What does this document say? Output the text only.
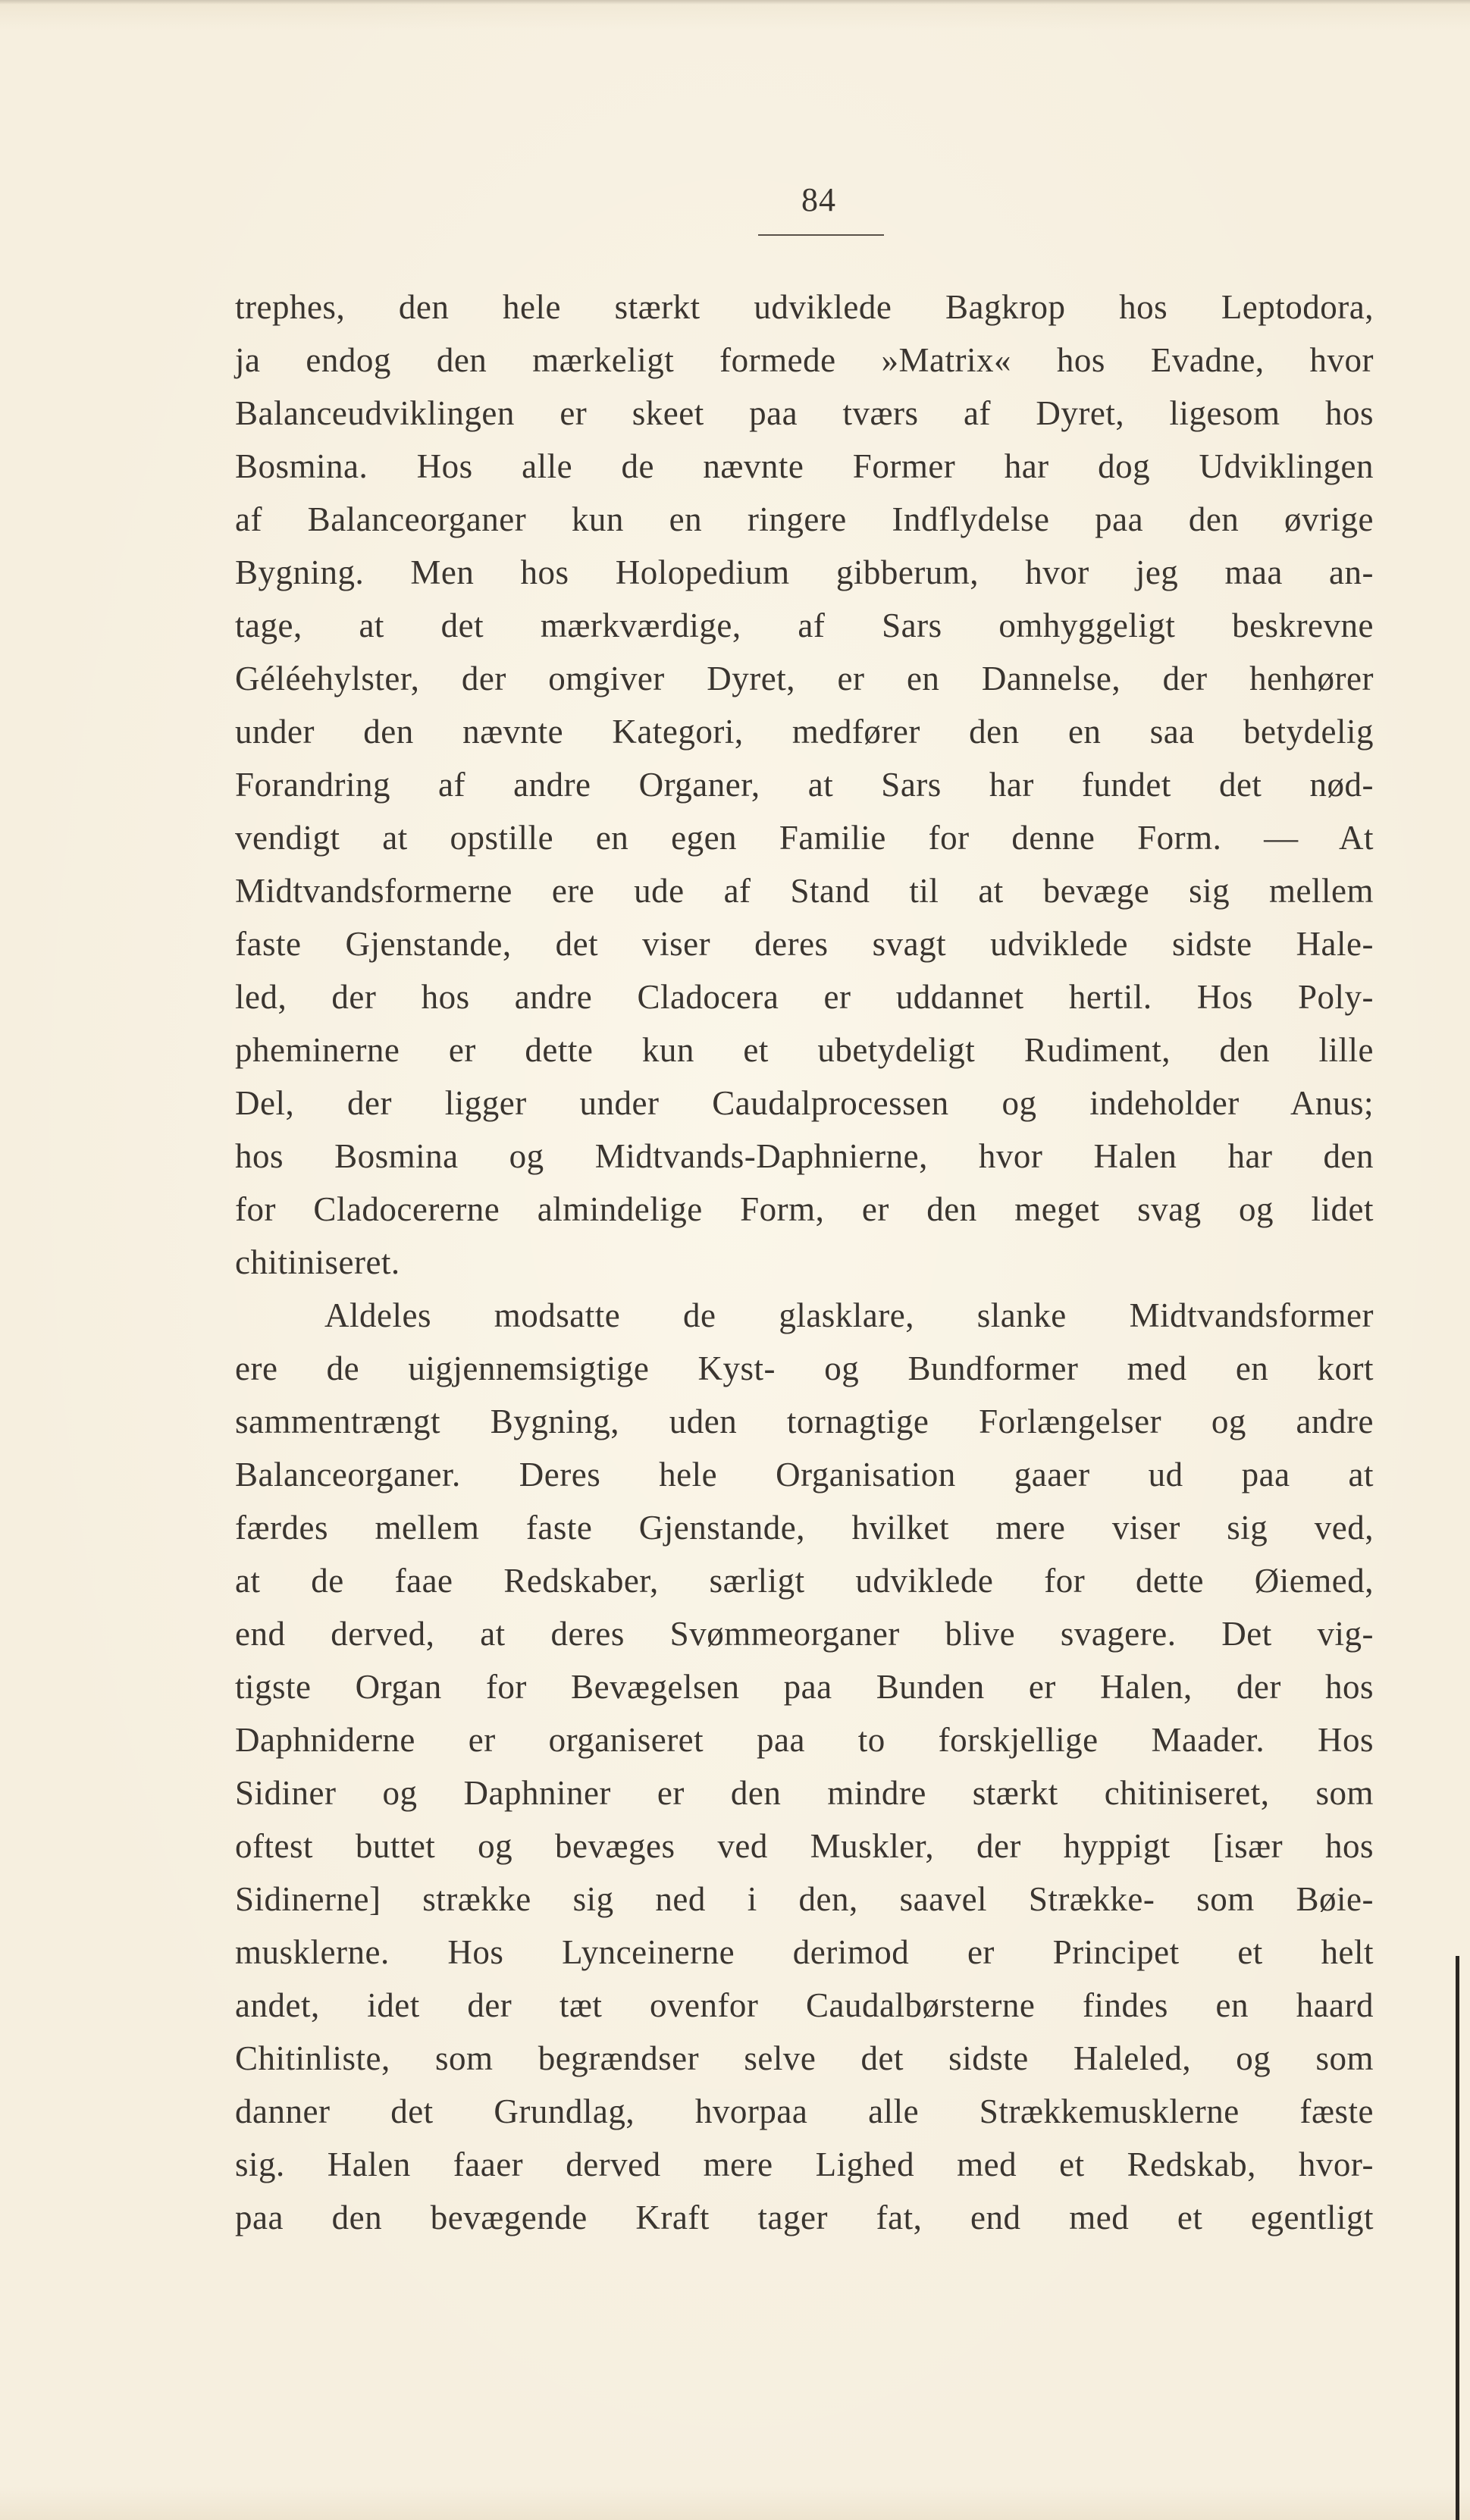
84
trephes, den hele stærkt udviklede Bagkrop hos Leptodora,
ja endog den mærkeligt formede »Matrix« hos Evadne, hvor
Balanceudviklingen er skeet paa tværs af Dyret, ligesom hos
Bosmina. Hos alle de nævnte Former har dog Udviklingen
af Balanceorganer kun en ringere Indflydelse paa den øvrige
Bygning. Men hos Holopedium gibberum, hvor jeg maa an-
tage, at det mærkværdige, af Sars omhyggeligt beskrevne
Géléehylster, der omgiver Dyret, er en Dannelse, der henhører
under den nævnte Kategori, medfører den en saa betydelig
Forandring af andre Organer, at Sars har fundet det nød-
vendigt at opstille en egen Familie for denne Form. — At
Midtvandsformerne ere ude af Stand til at bevæge sig mellem
faste Gjenstande, det viser deres svagt udviklede sidste Hale-
led, der hos andre Cladocera er uddannet hertil. Hos Poly-
pheminerne er dette kun et ubetydeligt Rudiment, den lille
Del, der ligger under Caudalprocessen og indeholder Anus;
hos Bosmina og Midtvands-Daphnierne, hvor Halen har den
for Cladocererne almindelige Form, er den meget svag og lidet
chitiniseret.
Aldeles modsatte de glasklare, slanke Midtvandsformer
ere de uigjennemsigtige Kyst- og Bundformer med en kort
sammentrængt Bygning, uden tornagtige Forlængelser og andre
Balanceorganer. Deres hele Organisation gaaer ud paa at
færdes mellem faste Gjenstande, hvilket mere viser sig ved,
at de faae Redskaber, særligt udviklede for dette Øiemed,
end derved, at deres Svømmeorganer blive svagere. Det vig-
tigste Organ for Bevægelsen paa Bunden er Halen, der hos
Daphniderne er organiseret paa to forskjellige Maader. Hos
Sidiner og Daphniner er den mindre stærkt chitiniseret, som
oftest buttet og bevæges ved Muskler, der hyppigt [især hos
Sidinerne] strække sig ned i den, saavel Strække- som Bøie-
musklerne. Hos Lynceinerne derimod er Principet et helt
andet, idet der tæt ovenfor Caudalbørsterne findes en haard
Chitinliste, som begrændser selve det sidste Haleled, og som
danner det Grundlag, hvorpaa alle Strækkemusklerne fæste
sig. Halen faaer derved mere Lighed med et Redskab, hvor-
paa den bevægende Kraft tager fat, end med et egentligt
